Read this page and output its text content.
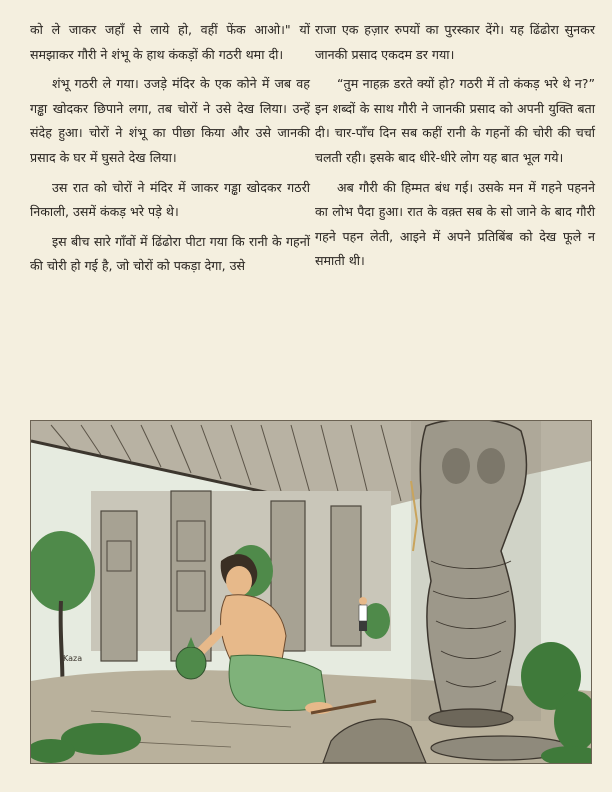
को ले जाकर जहाँ से लाये हो, वहीं फेंक आओ।" यों समझाकर गौरी ने शंभू के हाथ कंकड़ों की गठरी थमा दी।

शंभू गठरी ले गया। उजड़े मंदिर के एक कोने में जब वह गड्ढा खोदकर छिपाने लगा, तब चोरों ने उसे देख लिया। उन्हें संदेह हुआ। चोरों ने शंभू का पीछा किया और उसे जानकी प्रसाद के घर में घुसते देख लिया।

उस रात को चोरों ने मंदिर में जाकर गड्ढा खोदकर गठरी निकाली, उसमें कंकड़ भरे पड़े थे।

इस बीच सारे गाँवों में ढिंढोरा पीटा गया कि रानी के गहनों की चोरी हो गई है, जो चोरों को पकड़ा देगा, उसे

राजा एक हज़ार रुपयों का पुरस्कार देंगे। यह ढिंढोरा सुनकर जानकी प्रसाद एकदम डर गया।

“तुम नाहक़ डरते क्यों हो? गठरी में तो कंकड़ भरे थे न?” इन शब्दों के साथ गौरी ने जानकी प्रसाद को अपनी युक्ति बता दी। चार-पाँच दिन सब कहीं रानी के गहनों की चोरी की चर्चा चलती रही। इसके बाद धीरे-धीरे लोग यह बात भूल गये।

अब गौरी की हिम्मत बंध गई। उसके मन में गहने पहनने का लोभ पैदा हुआ। रात के वक़्त सब के सो जाने के बाद गौरी गहने पहन लेती, आइने में अपने प्रतिबिंब को देख फूले न समाती थी।

Kaza
